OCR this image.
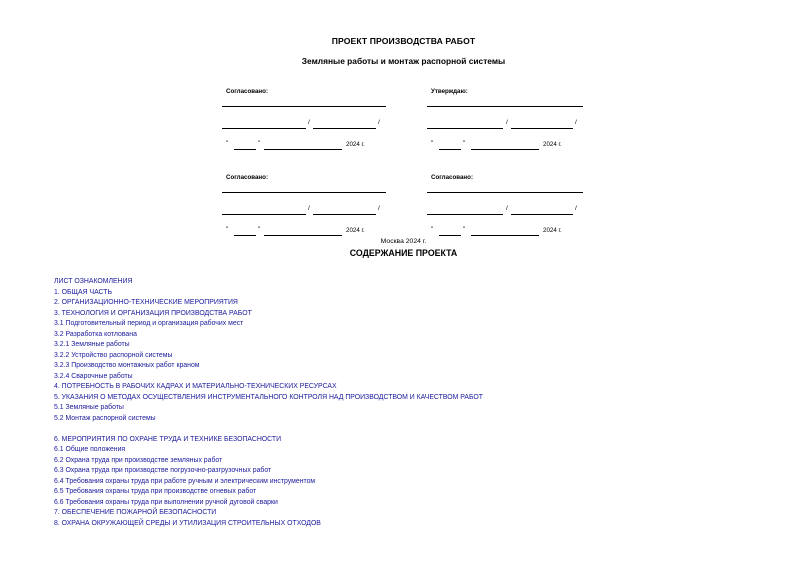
ПРОЕКТ ПРОИЗВОДСТВА РАБОТ
Земляные работы и монтаж распорной системы
Согласовано:
/	/
"	"	2024 г.
Утверждаю:
/	/
"	"	2024 г.
Согласовано:
/	/
"	"	2024 г.
Согласовано:
/	/
"	"	2024 г.
Москва 2024 г.
СОДЕРЖАНИЕ ПРОЕКТА
ЛИСТ ОЗНАКОМЛЕНИЯ
1. ОБЩАЯ ЧАСТЬ
2. ОРГАНИЗАЦИОННО-ТЕХНИЧЕСКИЕ МЕРОПРИЯТИЯ
3. ТЕХНОЛОГИЯ И ОРГАНИЗАЦИЯ ПРОИЗВОДСТВА РАБОТ
3.1 Подготовительный период и организация рабочих мест
3.2 Разработка котлована
3.2.1 Земляные работы
3.2.2 Устройство распорной системы
3.2.3 Производство монтажных работ краном
3.2.4 Сварочные работы
4. ПОТРЕБНОСТЬ В РАБОЧИХ КАДРАХ И МАТЕРИАЛЬНО-ТЕХНИЧЕСКИХ РЕСУРСАХ
5. УКАЗАНИЯ О МЕТОДАХ ОСУЩЕСТВЛЕНИЯ ИНСТРУМЕНТАЛЬНОГО КОНТРОЛЯ НАД ПРОИЗВОДСТВОМ И КАЧЕСТВОМ РАБОТ
5.1 Земляные работы
5.2 Монтаж распорной системы
6. МЕРОПРИЯТИЯ ПО ОХРАНЕ ТРУДА И ТЕХНИКЕ БЕЗОПАСНОСТИ
6.1 Общие положения
6.2 Охрана труда при производстве земляных работ
6.3 Охрана труда при производстве погрузочно-разгрузочных работ
6.4 Требования охраны труда при работе ручным и электрическим инструментом
6.5 Требования охраны труда при производстве огневых работ
6.6 Требования охраны труда при выполнении ручной дуговой сварки
7. ОБЕСПЕЧЕНИЕ ПОЖАРНОЙ БЕЗОПАСНОСТИ
8. ОХРАНА ОКРУЖАЮЩЕЙ СРЕДЫ И УТИЛИЗАЦИЯ СТРОИТЕЛЬНЫХ ОТХОДОВ
